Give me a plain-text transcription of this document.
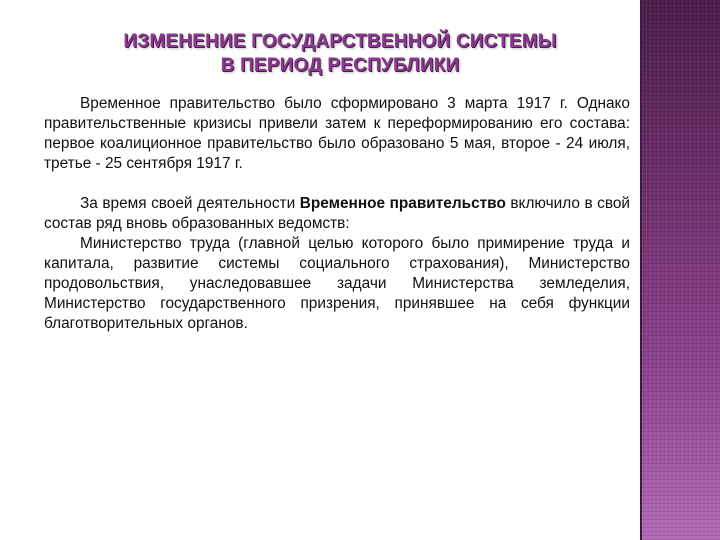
ИЗМЕНЕНИЕ ГОСУДАРСТВЕННОЙ СИСТЕМЫ
В ПЕРИОД РЕСПУБЛИКИ

Временное правительство было сформировано 3 марта 1917 г. Однако правительственные кризисы привели затем к переформированию его состава: первое коалиционное правительство было образовано 5 мая, второе - 24 июля, третье - 25 сентября 1917 г.

За время своей деятельности Временное правительство включило в свой состав ряд вновь образованных ведомств:

Министерство труда (главной целью которого было примирение труда и капитала, развитие системы социального страхования), Министерство продовольствия, унаследовавшее задачи Министерства земледелия, Министерство государственного призрения, принявшее на себя функции благотворительных органов.
